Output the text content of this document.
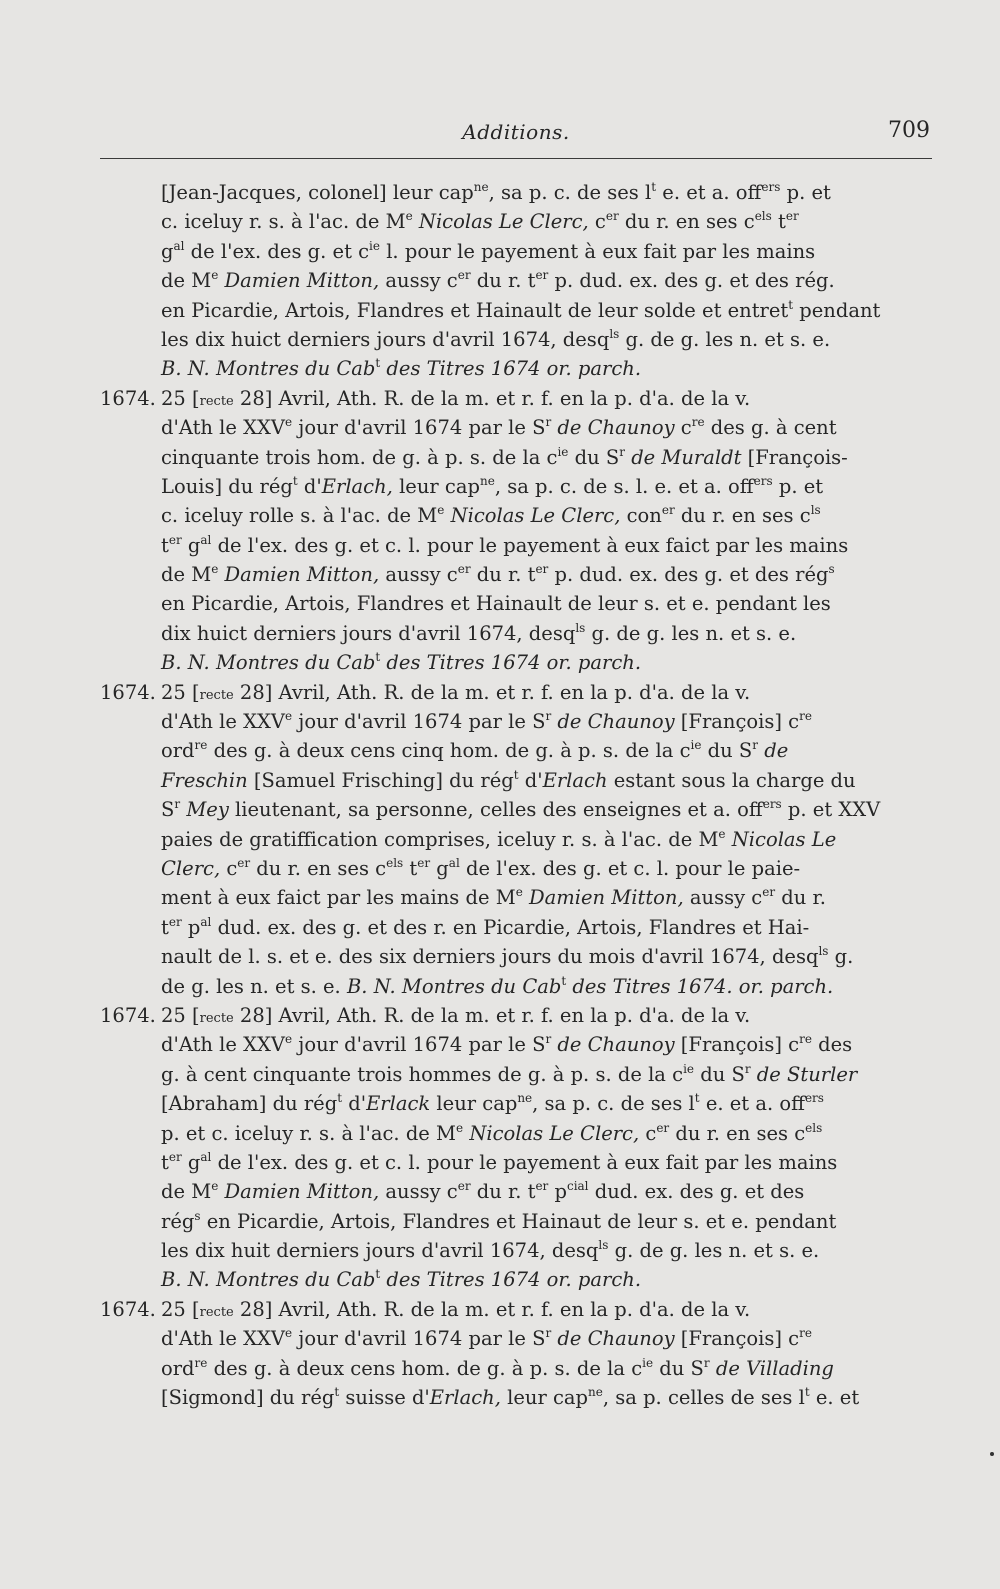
Additions.	709
[Jean-Jacques, colonel] leur cap$^{ne}$, sa p. c. de ses $l^t$ e. et a. off$^{ers}$ p. et
c. iceluy r. s. à l'ac. de Me Nicolas Le Clerc, $c^{er}$ du r. en ses $c^{els}$ $t^{er}$
$g^{al}$ de l'ex. des g. et $c^{ie}$ l. pour le payement à eux fait par les mains
de Me Damien Mitton, aussy $c^{er}$ du r. $t^{er}$ p. dud. ex. des g. et des rég.
en Picardie, Artois, Flandres et Hainault de leur solde et entret$^t$ pendant
les dix huict derniers jours d'avril 1674, desq$^{ls}$ g. de g. les n. et s. e.
B. N. Montres du Cab$^t$ des Titres 1674 or. parch.
1674. 25 [recte 28] Avril, Ath. R. de la m. et r. f. en la p. d'a. de la v.
d'Ath le XXVe jour d'avril 1674 par le $S^r$ de Chaunoy $c^{re}$ des g. à cent
cinquante trois hom. de g. à p. s. de la $c^{ie}$ du $S^r$ de Muraldt [François-
Louis] du rég$^t$ d'Erlach, leur cap$^{ne}$, sa p. c. de s. l. e. et a. off$^{ers}$ p. et
c. iceluy rolle s. à l'ac. de Me Nicolas Le Clerc, con$^{er}$ du r. en ses $c^{ls}$
$t^{er}$ $g^{al}$ de l'ex. des g. et c. l. pour le payement à eux faict par les mains
de Me Damien Mitton, aussy $c^{er}$ du r. $t^{er}$ p. dud. ex. des g. et des rég$^s$
en Picardie, Artois, Flandres et Hainault de leur s. et e. pendant les
dix huict derniers jours d'avril 1674, desq$^{ls}$ g. de g. les n. et s. e.
B. N. Montres du Cab$^t$ des Titres 1674 or. parch.
1674. 25 [recte 28] Avril, Ath. R. de la m. et r. f. en la p. d'a. de la v.
d'Ath le XXVe jour d'avril 1674 par le $S^r$ de Chaunoy [François] $c^{re}$
ord$^{re}$ des g. à deux cens cinq hom. de g. à p. s. de la $c^{ie}$ du $S^r$ de
Freschin [Samuel Frisching] du rég$^t$ d'Erlach estant sous la charge du
$S^r$ Mey lieutenant, sa personne, celles des enseignes et a. off$^{ers}$ p. et XXV
paies de gratiffication comprises, iceluy r. s. à l'ac. de Me Nicolas Le
Clerc, $c^{er}$ du r. en ses $c^{els}$ $t^{er}$ $g^{al}$ de l'ex. des g. et c. l. pour le paie-
ment à eux faict par les mains de Me Damien Mitton, aussy $c^{er}$ du r.
$t^{er}$ $p^{al}$ dud. ex. des g. et des r. en Picardie, Artois, Flandres et Hai-
nault de l. s. et e. des six derniers jours du mois d'avril 1674, desq$^{ls}$ g.
de g. les n. et s. e. B. N. Montres du Cab$^t$ des Titres 1674. or. parch.
1674. 25 [recte 28] Avril, Ath. R. de la m. et r. f. en la p. d'a. de la v.
d'Ath le XXVe jour d'avril 1674 par le $S^r$ de Chaunoy [François] $c^{re}$ des
g. à cent cinquante trois hommes de g. à p. s. de la $c^{ie}$ du $S^r$ de Sturler
[Abraham] du rég$^t$ d'Erlack leur cap$^{ne}$, sa p. c. de ses $l^t$ e. et a. off$^{ers}$
p. et c. iceluy r. s. à l'ac. de Me Nicolas Le Clerc, $c^{er}$ du r. en ses $c^{els}$
$t^{er}$ $g^{al}$ de l'ex. des g. et c. l. pour le payement à eux fait par les mains
de Me Damien Mitton, aussy $c^{er}$ du r. $t^{er}$ $p^{cial}$ dud. ex. des g. et des
rég$^s$ en Picardie, Artois, Flandres et Hainaut de leur s. et e. pendant
les dix huit derniers jours d'avril 1674, desq$^{ls}$ g. de g. les n. et s. e.
B. N. Montres du Cab$^t$ des Titres 1674 or. parch.
1674. 25 [recte 28] Avril, Ath. R. de la m. et r. f. en la p. d'a. de la v.
d'Ath le XXVe jour d'avril 1674 par le $S^r$ de Chaunoy [François] $c^{re}$
ord$^{re}$ des g. à deux cens hom. de g. à p. s. de la $c^{ie}$ du $S^r$ de Villading
[Sigmond] du rég$^t$ suisse d'Erlach, leur cap$^{ne}$, sa p. celles de ses $l^t$ e. et
